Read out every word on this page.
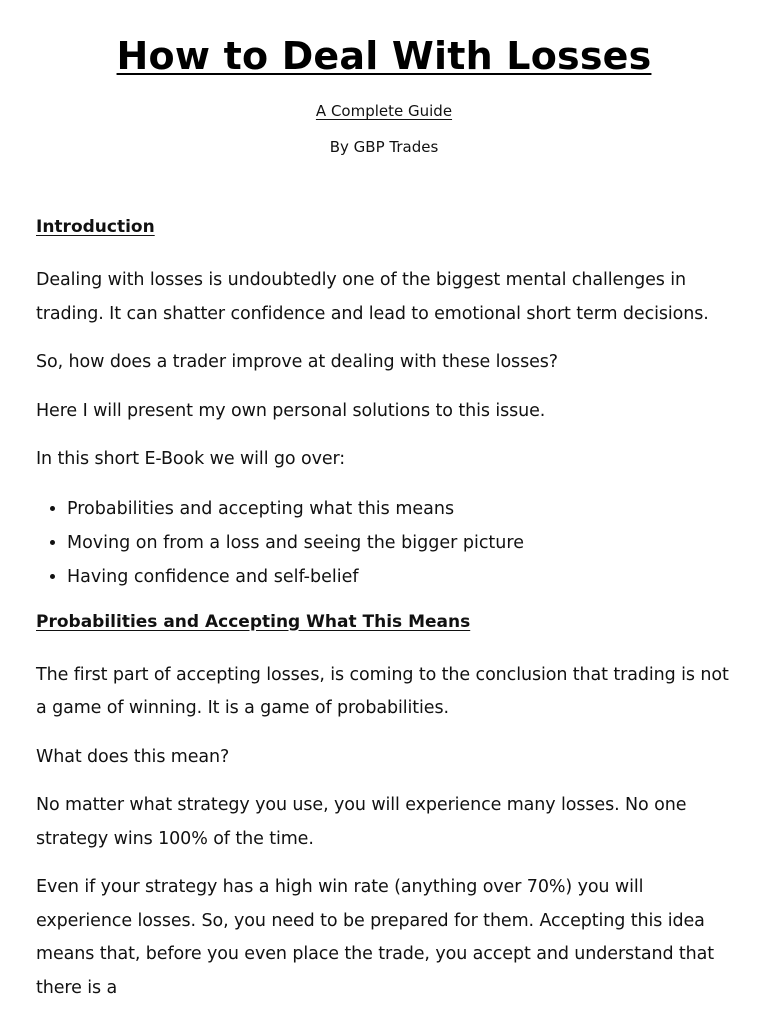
How to Deal With Losses

A Complete Guide

By GBP Trades

Introduction

Dealing with losses is undoubtedly one of the biggest mental challenges in trading. It can shatter confidence and lead to emotional short term decisions.

So, how does a trader improve at dealing with these losses?

Here I will present my own personal solutions to this issue.

In this short E-Book we will go over:

• Probabilities and accepting what this means
• Moving on from a loss and seeing the bigger picture
• Having confidence and self-belief

Probabilities and Accepting What This Means

The first part of accepting losses, is coming to the conclusion that trading is not a game of winning. It is a game of probabilities.

What does this mean?

No matter what strategy you use, you will experience many losses. No one strategy wins 100% of the time.

Even if your strategy has a high win rate (anything over 70%) you will experience losses. So, you need to be prepared for them. Accepting this idea means that, before you even place the trade, you accept and understand that there is a
